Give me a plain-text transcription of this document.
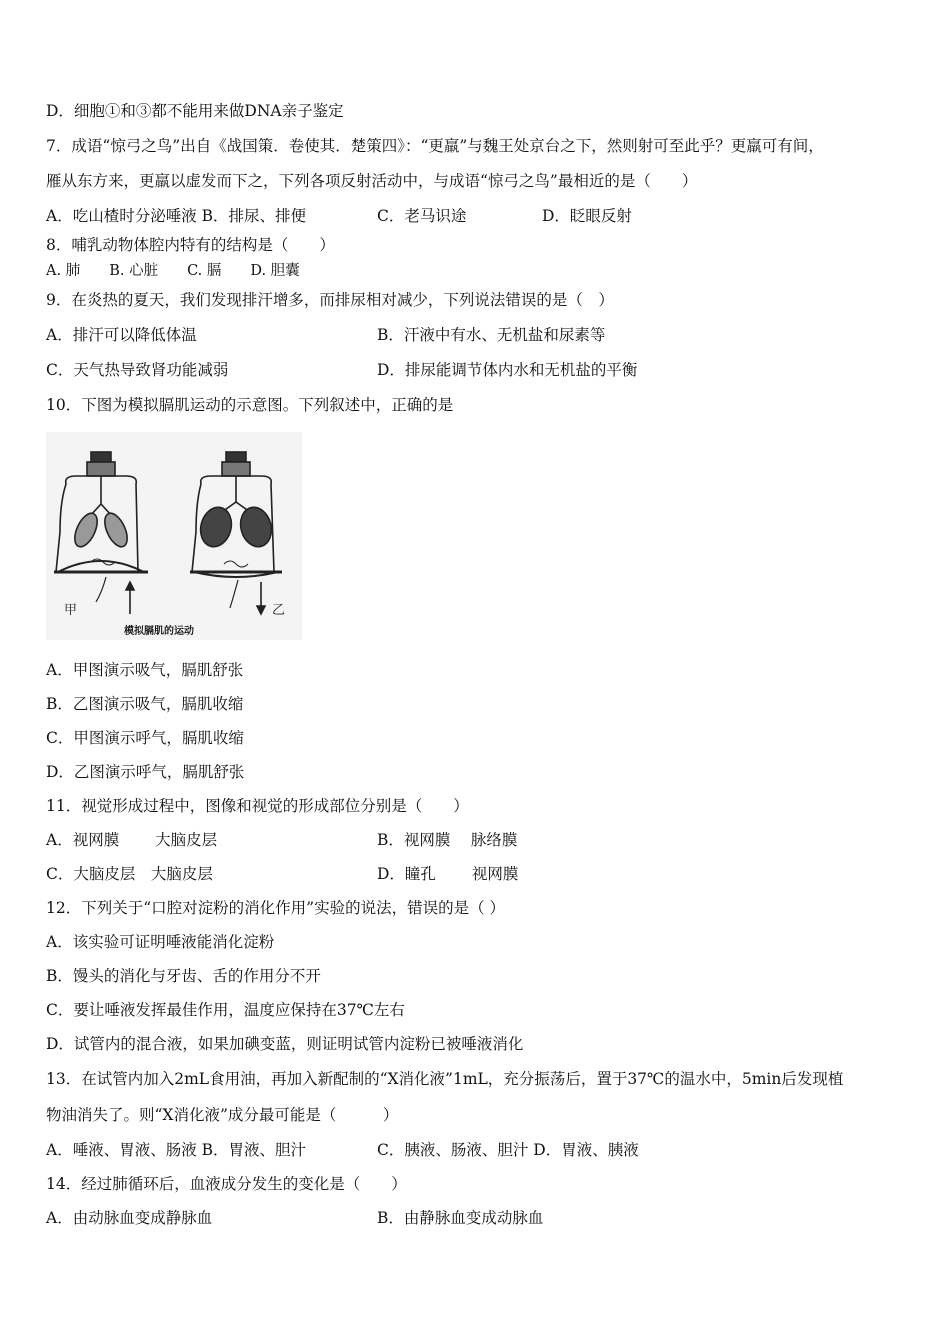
D．细胞①和③都不能用来做DNA亲子鉴定
7．成语“惊弓之鸟”出自《战国策．卷使其．楚策四》：“更羸”与魏王处京台之下，然则射可至此乎？更羸可有间，
雁从东方来，更羸以虚发而下之，下列各项反射活动中，与成语“惊弓之鸟”最相近的是（　　）
A．吃山楂时分泌唾液 B．排尿、排便	C．老马识途	D．眨眼反射
8．哺乳动物体腔内特有的结构是（　　）
A. 肺　　B. 心脏　　C. 膈　　D. 胆囊
9．在炎热的夏天，我们发现排汗增多，而排尿相对减少，下列说法错误的是（　）
A．排汗可以降低体温	B．汗液中有水、无机盐和尿素等
C．天气热导致肾功能减弱	D．排尿能调节体内水和无机盐的平衡
10．下图为模拟膈肌运动的示意图。下列叙述中，正确的是
甲	乙
模拟膈肌的运动
A．甲图演示吸气，膈肌舒张
B．乙图演示吸气，膈肌收缩
C．甲图演示呼气，膈肌收缩
D．乙图演示呼气，膈肌舒张
11．视觉形成过程中，图像和视觉的形成部位分别是（　　）
A．视网膜　　 大脑皮层	B．视网膜　 脉络膜
C．大脑皮层　大脑皮层	D．瞳孔　　 视网膜
12．下列关于“口腔对淀粉的消化作用”实验的说法，错误的是（ ）
A．该实验可证明唾液能消化淀粉
B．馒头的消化与牙齿、舌的作用分不开
C．要让唾液发挥最佳作用，温度应保持在37℃左右
D．试管内的混合液，如果加碘变蓝，则证明试管内淀粉已被唾液消化
13．在试管内加入2mL食用油，再加入新配制的“X消化液”1mL，充分振荡后，置于37℃的温水中，5min后发现植
物油消失了。则“X消化液”成分最可能是（　　　）
A．唾液、胃液、肠液 B．胃液、胆汁	C．胰液、肠液、胆汁 D．胃液、胰液
14．经过肺循环后，血液成分发生的变化是（　　）
A．由动脉血变成静脉血	B．由静脉血变成动脉血
